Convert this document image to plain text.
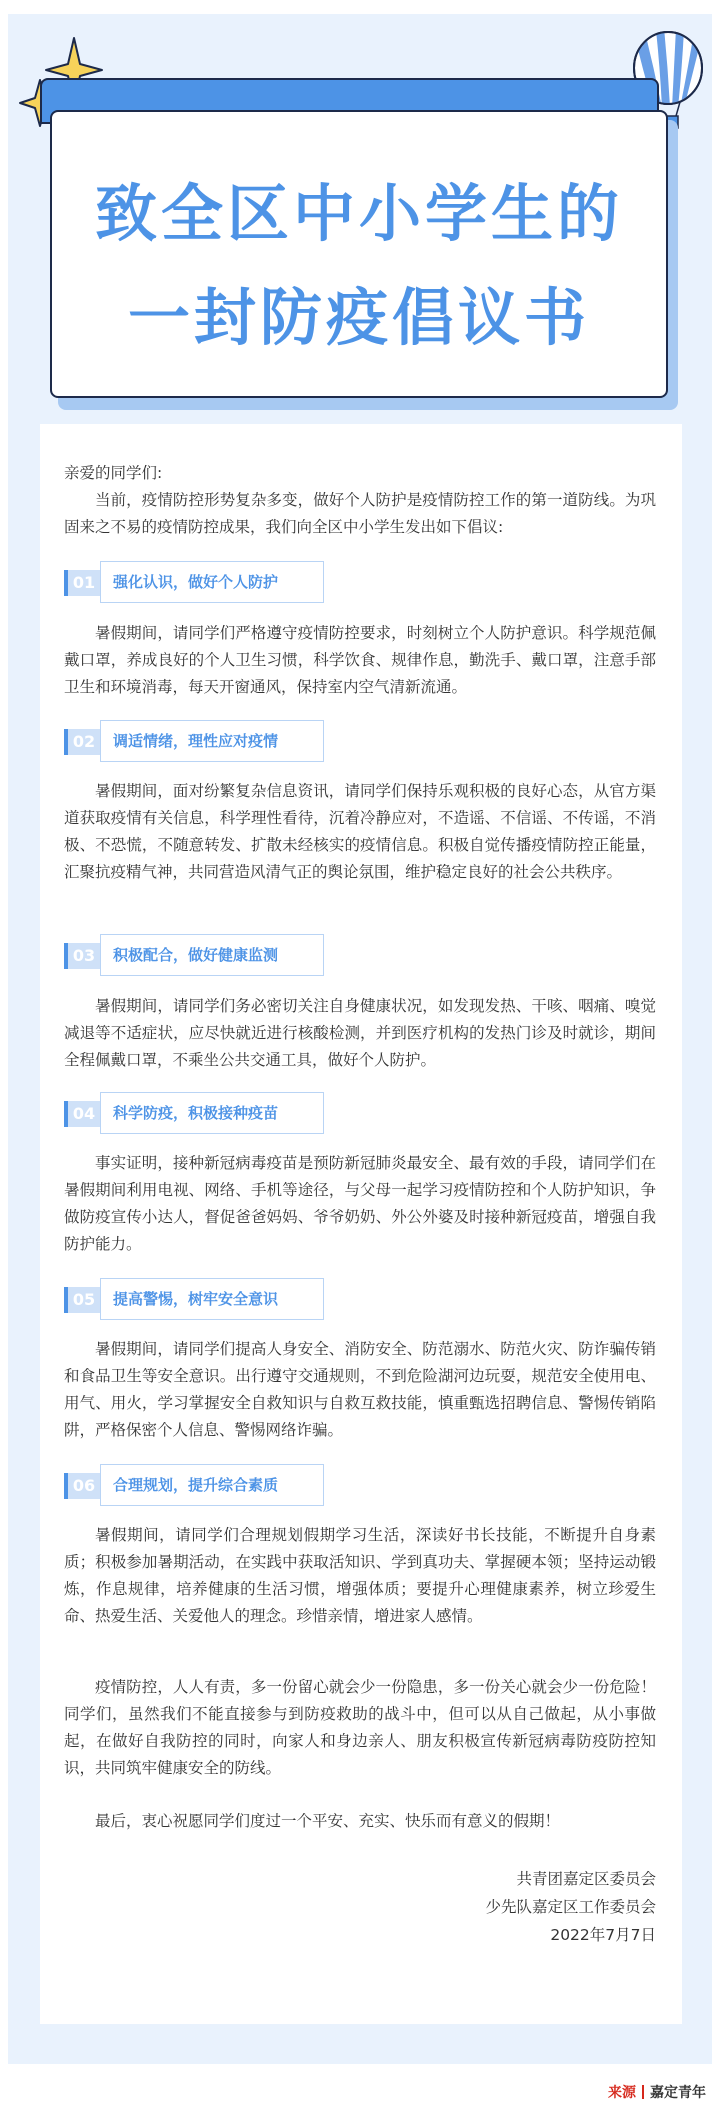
致全区中小学生的
一封防疫倡议书

亲爱的同学们:

当前，疫情防控形势复杂多变，做好个人防护是疫情防控工作的第一道防线。为巩固来之不易的疫情防控成果，我们向全区中小学生发出如下倡议:

01	强化认识，做好个人防护

暑假期间，请同学们严格遵守疫情防控要求，时刻树立个人防护意识。科学规范佩戴口罩，养成良好的个人卫生习惯，科学饮食、规律作息，勤洗手、戴口罩，注意手部卫生和环境消毒，每天开窗通风，保持室内空气清新流通。

02	调适情绪，理性应对疫情

暑假期间，面对纷繁复杂信息资讯，请同学们保持乐观积极的良好心态，从官方渠道获取疫情有关信息，科学理性看待，沉着冷静应对，不造谣、不信谣、不传谣，不消极、不恐慌，不随意转发、扩散未经核实的疫情信息。积极自觉传播疫情防控正能量，汇聚抗疫精气神，共同营造风清气正的舆论氛围，维护稳定良好的社会公共秩序。

03	积极配合，做好健康监测

暑假期间，请同学们务必密切关注自身健康状况，如发现发热、干咳、咽痛、嗅觉减退等不适症状，应尽快就近进行核酸检测，并到医疗机构的发热门诊及时就诊，期间全程佩戴口罩，不乘坐公共交通工具，做好个人防护。

04	科学防疫，积极接种疫苗

事实证明，接种新冠病毒疫苗是预防新冠肺炎最安全、最有效的手段，请同学们在暑假期间利用电视、网络、手机等途径，与父母一起学习疫情防控和个人防护知识，争做防疫宣传小达人，督促爸爸妈妈、爷爷奶奶、外公外婆及时接种新冠疫苗，增强自我防护能力。

05	提高警惕，树牢安全意识

暑假期间，请同学们提高人身安全、消防安全、防范溺水、防范火灾、防诈骗传销和食品卫生等安全意识。出行遵守交通规则，不到危险湖河边玩耍，规范安全使用电、用气、用火，学习掌握安全自救知识与自救互救技能，慎重甄选招聘信息、警惕传销陷阱，严格保密个人信息、警惕网络诈骗。

06	合理规划，提升综合素质

暑假期间，请同学们合理规划假期学习生活，深读好书长技能，不断提升自身素质；积极参加暑期活动，在实践中获取活知识、学到真功夫、掌握硬本领；坚持运动锻炼，作息规律，培养健康的生活习惯，增强体质；要提升心理健康素养，树立珍爱生命、热爱生活、关爱他人的理念。珍惜亲情，增进家人感情。

疫情防控，人人有责，多一份留心就会少一份隐患，多一份关心就会少一份危险！同学们，虽然我们不能直接参与到防疫救助的战斗中，但可以从自己做起，从小事做起，在做好自我防控的同时，向家人和身边亲人、朋友积极宣传新冠病毒防疫防控知识，共同筑牢健康安全的防线。

最后，衷心祝愿同学们度过一个平安、充实、快乐而有意义的假期！

共青团嘉定区委员会
少先队嘉定区工作委员会
2022年7月7日
来源 嘉定青年
